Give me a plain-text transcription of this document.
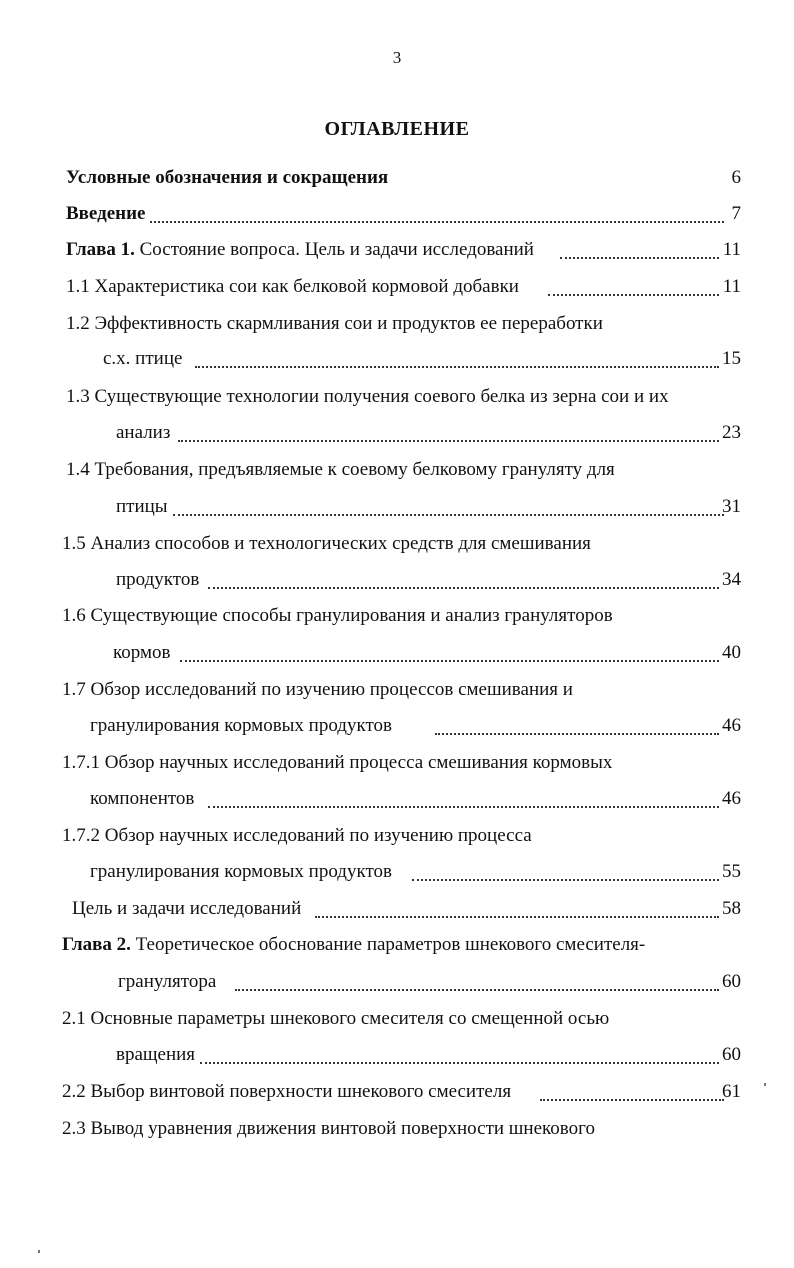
3
ОГЛАВЛЕНИЕ
Условные обозначения и сокращения	6
Введение	7
Глава 1. Состояние вопроса. Цель и задачи исследований	11
1.1 Характеристика сои как белковой кормовой добавки	11
1.2 Эффективность скармливания сои и продуктов ее переработки
с.х. птице	15
1.3 Существующие технологии получения соевого белка из зерна сои и их
анализ	23
1.4 Требования, предъявляемые к соевому белковому грануляту для
птицы	31
1.5 Анализ способов и технологических средств для смешивания
продуктов	34
1.6 Существующие способы гранулирования и анализ грануляторов
кормов	40
1.7 Обзор исследований по изучению процессов смешивания и
гранулирования кормовых продуктов	46
1.7.1 Обзор научных исследований процесса смешивания кормовых
компонентов	46
1.7.2 Обзор научных исследований по изучению процесса
гранулирования кормовых продуктов	55
Цель и задачи исследований	58
Глава 2. Теоретическое обоснование параметров шнекового смесителя-
гранулятора	60
2.1 Основные параметры шнекового смесителя со смещенной осью
вращения	60
2.2 Выбор винтовой поверхности шнекового смесителя	61
2.3 Вывод уравнения движения винтовой поверхности шнекового
